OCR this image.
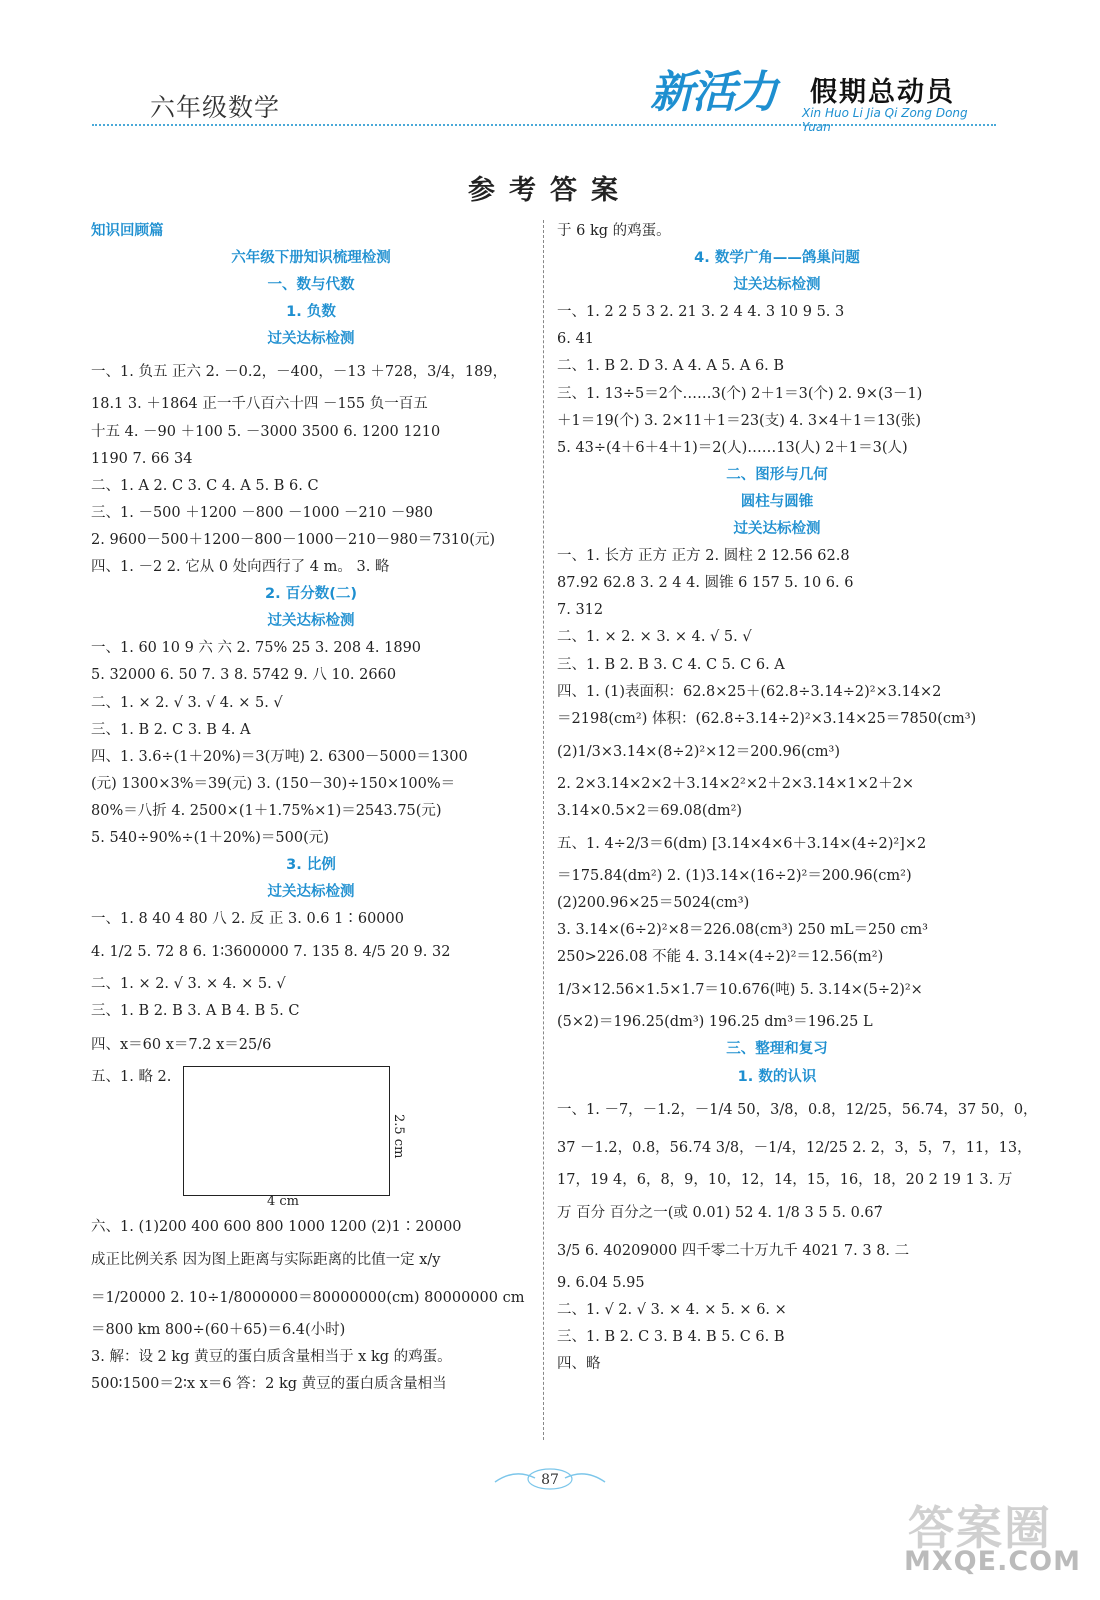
六年级数学	新活力 假期总动员
Xin Huo Li Jia Qi Zong Dong Yuan
参考答案
知识回顾篇
六年级下册知识梳理检测
一、数与代数
1. 负数
过关达标检测
一、1. 负五 正六 2. －0.2，－400，－13 ＋728，3/4，189，
18.1 3. ＋1864 正一千八百六十四 －155 负一百五
十五 4. －90 ＋100 5. －3000 3500 6. 1200 1210
1190 7. 66 34
二、1. A 2. C 3. C 4. A 5. B 6. C
三、1. －500 ＋1200 －800 －1000 －210 －980
2. 9600－500＋1200－800－1000－210－980＝7310(元)
四、1. －2 2. 它从 0 处向西行了 4 m。 3. 略
2. 百分数(二)
过关达标检测
一、1. 60 10 9 六 六 2. 75% 25 3. 208 4. 1890
5. 32000 6. 50 7. 3 8. 5742 9. 八 10. 2660
二、1. × 2. √ 3. √ 4. × 5. √
三、1. B 2. C 3. B 4. A
四、1. 3.6÷(1＋20%)＝3(万吨) 2. 6300－5000＝1300
(元) 1300×3%＝39(元) 3. (150－30)÷150×100%＝
80%＝八折 4. 2500×(1＋1.75%×1)＝2543.75(元)
5. 540÷90%÷(1＋20%)＝500(元)
3. 比例
过关达标检测
一、1. 8 40 4 80 八 2. 反 正 3. 0.6 1∶60000
4. 1/2 5. 72 8 6. 1∶3600000 7. 135 8. 4/5 20 9. 32
二、1. × 2. √ 3. × 4. × 5. √
三、1. B 2. B 3. A B 4. B 5. C
四、x＝60 x＝7.2 x＝25/6
五、1. 略 2.
4 cm
2.5 cm
六、1. (1)200 400 600 800 1000 1200 (2)1∶20000
成正比例关系 因为图上距离与实际距离的比值一定 x/y
＝1/20000 2. 10÷1/8000000＝80000000(cm) 80000000 cm
＝800 km 800÷(60＋65)＝6.4(小时)
3. 解：设 2 kg 黄豆的蛋白质含量相当于 x kg 的鸡蛋。
500∶1500＝2∶x x＝6 答：2 kg 黄豆的蛋白质含量相当
于 6 kg 的鸡蛋。
4. 数学广角——鸽巢问题
过关达标检测
一、1. 2 2 5 3 2. 21 3. 2 4 4. 3 10 9 5. 3
6. 41
二、1. B 2. D 3. A 4. A 5. A 6. B
三、1. 13÷5＝2个……3(个) 2＋1＝3(个) 2. 9×(3－1)
＋1＝19(个) 3. 2×11＋1＝23(支) 4. 3×4＋1＝13(张)
5. 43÷(4＋6＋4＋1)＝2(人)……13(人) 2＋1＝3(人)
二、图形与几何
圆柱与圆锥
过关达标检测
一、1. 长方 正方 正方 2. 圆柱 2 12.56 62.8
87.92 62.8 3. 2 4 4. 圆锥 6 157 5. 10 6. 6
7. 312
二、1. × 2. × 3. × 4. √ 5. √
三、1. B 2. B 3. C 4. C 5. C 6. A
四、1. (1)表面积：62.8×25＋(62.8÷3.14÷2)²×3.14×2
＝2198(cm²) 体积：(62.8÷3.14÷2)²×3.14×25＝7850(cm³)
(2)1/3×3.14×(8÷2)²×12＝200.96(cm³)
2. 2×3.14×2×2＋3.14×2²×2＋2×3.14×1×2＋2×
3.14×0.5×2＝69.08(dm²)
五、1. 4÷2/3＝6(dm) [3.14×4×6＋3.14×(4÷2)²]×2
＝175.84(dm²) 2. (1)3.14×(16÷2)²＝200.96(cm²)
(2)200.96×25＝5024(cm³)
3. 3.14×(6÷2)²×8＝226.08(cm³) 250 mL＝250 cm³
250>226.08 不能 4. 3.14×(4÷2)²＝12.56(m²)
1/3×12.56×1.5×1.7＝10.676(吨) 5. 3.14×(5÷2)²×
(5×2)＝196.25(dm³) 196.25 dm³＝196.25 L
三、整理和复习
1. 数的认识
一、1. －7，－1.2，－1/4 50，3/8，0.8，12/25，56.74，37 50，0，
37 －1.2，0.8，56.74 3/8，－1/4，12/25 2. 2，3，5，7，11，13，
17，19 4，6，8，9，10，12，14，15，16，18，20 2 19 1 3. 万
万 百分 百分之一(或 0.01) 52 4. 1/8 3 5 5. 0.67̇
3/5 6. 40209000 四千零二十万九千 4021 7. 3 8. 二
9. 6.04 5.95
二、1. √ 2. √ 3. × 4. × 5. × 6. ×
三、1. B 2. C 3. B 4. B 5. C 6. B
四、略
87
答案圈
MXQE.COM
